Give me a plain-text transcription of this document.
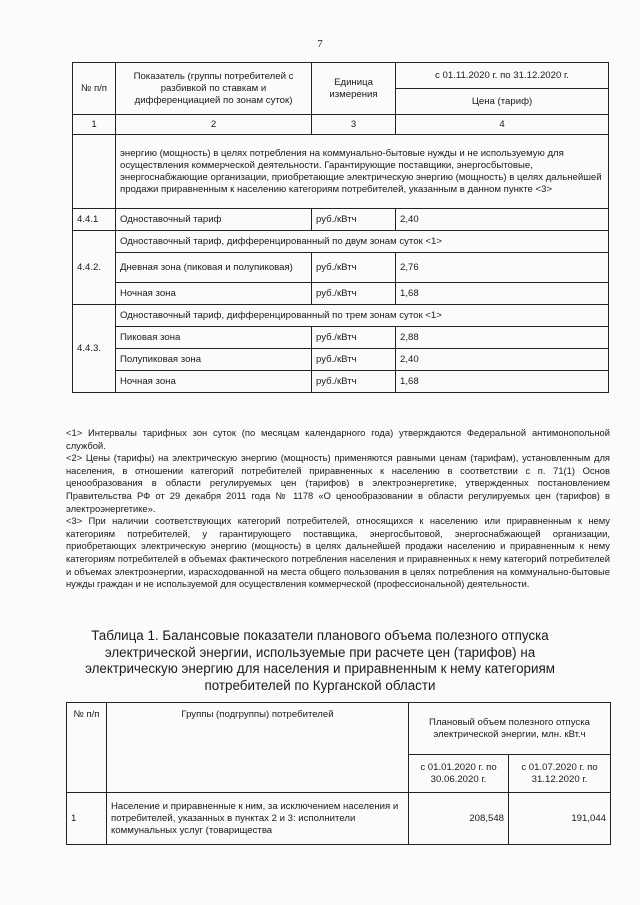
7
№ п/п	Показатель (группы потребителей с разбивкой по ставкам и дифференциацией по зонам суток)	Единица измерения	с 01.11.2020 г. по 31.12.2020 г.
			Цена (тариф)
1	2	3	4
	энергию (мощность) в целях потребления на коммунально-бытовые нужды и не используемую для осуществления коммерческой деятельности. Гарантирующие поставщики, энергосбытовые, энергоснабжающие организации, приобретающие электрическую энергию (мощность) в целях дальнейшей продажи приравненным к населению категориям потребителей, указанным в данном пункте <3>		
4.4.1	Одноставочный тариф	руб./кВтч	2,40
4.4.2.	Одноставочный тариф, дифференцированный по двум зонам суток <1>		
	Дневная зона (пиковая и полупиковая)	руб./кВтч	2,76
	Ночная зона	руб./кВтч	1,68
4.4.3.	Одноставочный тариф, дифференцированный по трем зонам суток <1>		
	Пиковая зона	руб./кВтч	2,88
	Полупиковая зона	руб./кВтч	2,40
	Ночная зона	руб./кВтч	1,68

<1> Интервалы тарифных зон суток (по месяцам календарного года) утверждаются Федеральной антимонопольной службой.

<2> Цены (тарифы) на электрическую энергию (мощность) применяются равными ценам (тарифам), установленным для населения, в отношении категорий потребителей приравненных к населению в соответствии с п. 71(1) Основ ценообразования в области регулируемых цен (тарифов) в электроэнергетике, утвержденных постановлением Правительства РФ от 29 декабря 2011 года № 1178 «О ценообразовании в области регулируемых цен (тарифов) в электроэнергетике».

<3> При наличии соответствующих категорий потребителей, относящихся к населению или приравненным к нему категориям потребителей, у гарантирующего поставщика, энергосбытовой, энергоснабжающей организации, приобретающих электрическую энергию (мощность) в целях дальнейшей продажи населению и приравненным к нему категориям потребителей в объемах фактического потребления населения и приравненных к нему категорий потребителей и объемах электроэнергии, израсходованной на места общего пользования в целях потребления на коммунально-бытовые нужды граждан и не используемой для осуществления коммерческой (профессиональной) деятельности.

Таблица 1. Балансовые показатели планового объема полезного отпуска электрической энергии, используемые при расчете цен (тарифов) на электрическую энергию для населения и приравненным к нему категориям потребителей по Курганской области
№ п/п	Группы (подгруппы) потребителей	Плановый объем полезного отпуска электрической энергии, млн. кВт.ч	
		с 01.01.2020 г. по 30.06.2020 г.	с 01.07.2020 г. по 31.12.2020 г.
1	Население и приравненные к ним, за исключением населения и потребителей, указанных в пунктах 2 и 3: исполнители коммунальных услуг (товарищества	208,548	191,044
